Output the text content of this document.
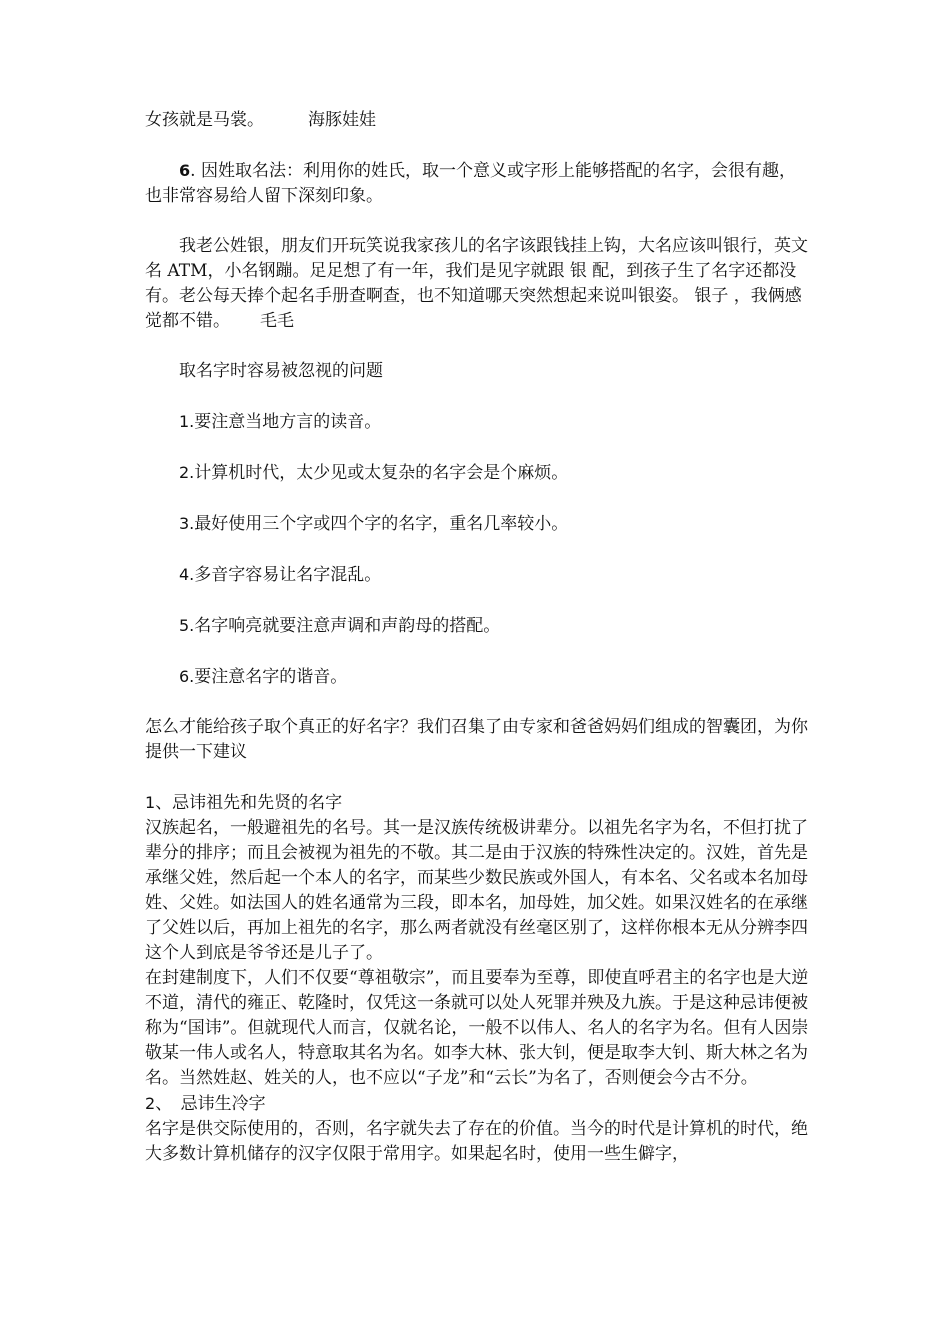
女孩就是马裳。	海豚娃娃

6. 因姓取名法：利用你的姓氏，取一个意义或字形上能够搭配的名字，会很有趣，也非常容易给人留下深刻印象。

我老公姓银，朋友们开玩笑说我家孩儿的名字该跟钱挂上钩，大名应该叫银行，英文名 ATM，小名钢蹦。足足想了有一年，我们是见字就跟 银 配，到孩子生了名字还都没有。老公每天捧个起名手册查啊查，也不知道哪天突然想起来说叫银姿。 银子 ，我俩感觉都不错。 毛毛

取名字时容易被忽视的问题

1.要注意当地方言的读音。

2.计算机时代，太少见或太复杂的名字会是个麻烦。

3.最好使用三个字或四个字的名字，重名几率较小。

4.多音字容易让名字混乱。

5.名字响亮就要注意声调和声韵母的搭配。

6.要注意名字的谐音。

怎么才能给孩子取个真正的好名字？我们召集了由专家和爸爸妈妈们组成的智囊团，为你提供一下建议

1、忌讳祖先和先贤的名字

汉族起名，一般避祖先的名号。其一是汉族传统极讲辈分。以祖先名字为名，不但打扰了辈分的排序；而且会被视为祖先的不敬。其二是由于汉族的特殊性决定的。汉姓，首先是承继父姓，然后起一个本人的名字，而某些少数民族或外国人，有本名、父名或本名加母姓、父姓。如法国人的姓名通常为三段，即本名，加母姓，加父姓。如果汉姓名的在承继了父姓以后，再加上祖先的名字，那么两者就没有丝毫区别了，这样你根本无从分辨李四这个人到底是爷爷还是儿子了。

在封建制度下，人们不仅要“尊祖敬宗”，而且要奉为至尊，即使直呼君主的名字也是大逆不道，清代的雍正、乾隆时，仅凭这一条就可以处人死罪并殃及九族。于是这种忌讳便被称为“国讳”。但就现代人而言，仅就名论，一般不以伟人、名人的名字为名。但有人因崇敬某一伟人或名人，特意取其名为名。如李大林、张大钊，便是取李大钊、斯大林之名为名。当然姓赵、姓关的人，也不应以“子龙”和“云长”为名了，否则便会今古不分。

2、　忌讳生冷字

名字是供交际使用的，否则，名字就失去了存在的价值。当今的时代是计算机的时代，绝大多数计算机储存的汉字仅限于常用字。如果起名时，使用一些生僻字，
